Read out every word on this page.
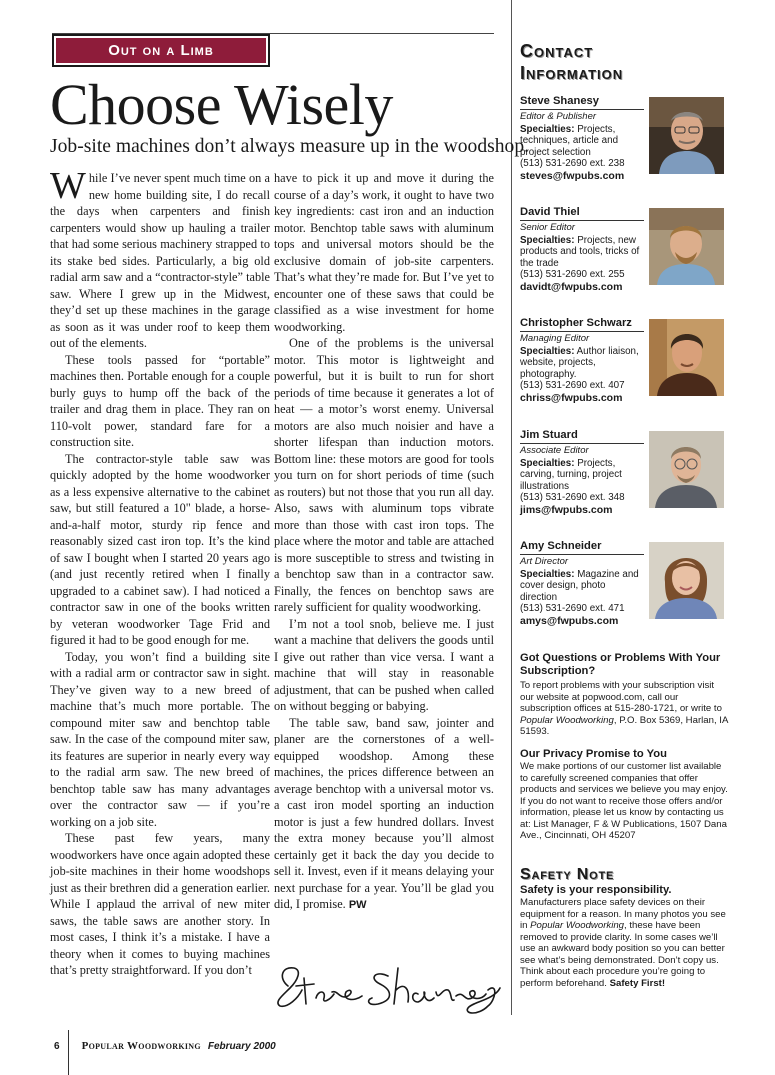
Out on a Limb
Choose Wisely
Job-site machines don’t always measure up in the woodshop.

While I’ve never spent much time on a new home building site, I do recall the days when carpenters and finish carpenters would show up hauling a trailer that had some serious machinery strapped to its stake bed sides. Particularly, a big old radial arm saw and a “contractor-style” table saw. Where I grew up in the Midwest, they’d set up these machines in the garage as soon as it was under roof to keep them out of the elements.

These tools passed for “portable” machines then. Portable enough for a couple burly guys to hump off the back of the trailer and drag them in place. They ran on 110-volt power, standard fare for a construction site.

The contractor-style table saw was quickly adopted by the home woodworker as a less expensive alternative to the cabinet saw, but still featured a 10" blade, a horse-and-a-half motor, sturdy rip fence and reasonably sized cast iron top. It’s the kind of saw I bought when I started 20 years ago (and just recently retired when I finally upgraded to a cabinet saw). I had noticed a contractor saw in one of the books written by veteran woodworker Tage Frid and figured it had to be good enough for me.

Today, you won’t find a building site with a radial arm or contractor saw in sight. They’ve given way to a new breed of machine that’s much more portable. The compound miter saw and benchtop table saw. In the case of the compound miter saw, its features are superior in nearly every way to the radial arm saw. The new breed of benchtop table saw has many advantages over the contractor saw — if you’re working on a job site.

These past few years, many woodworkers have once again adopted these job-site machines in their home woodshops just as their brethren did a generation earlier. While I applaud the arrival of new miter saws, the table saws are another story. In most cases, I think it’s a mistake. I have a theory when it comes to buying machines that’s pretty straightforward. If you don’t

have to pick it up and move it during the course of a day’s work, it ought to have two key ingredients: cast iron and an induction motor. Benchtop table saws with aluminum tops and universal motors should be the exclusive domain of job-site carpenters. That’s what they’re made for. But I’ve yet to encounter one of these saws that could be classified as a wise investment for home woodworking.

One of the problems is the universal motor. This motor is lightweight and powerful, but it is built to run for short periods of time because it generates a lot of heat — a motor’s worst enemy. Universal motors are also much noisier and have a shorter lifespan than induction motors. Bottom line: these motors are good for tools you turn on for short periods of time (such as routers) but not those that you run all day. Also, saws with aluminum tops vibrate more than those with cast iron tops. The place where the motor and table are attached is more susceptible to stress and twisting in a benchtop saw than in a contractor saw. Finally, the fences on benchtop saws are rarely sufficient for quality woodworking.

I’m not a tool snob, believe me. I just want a machine that delivers the goods until I give out rather than vice versa. I want a machine that will stay in reasonable adjustment, that can be pushed when called on without begging or babying.

The table saw, band saw, jointer and planer are the cornerstones of a well-equipped woodshop. Among these machines, the prices difference between an average benchtop with a universal motor vs. a cast iron model sporting an induction motor is just a few hundred dollars. Invest the extra money because you’ll almost certainly get it back the day you decide to sell it. Invest, even if it means delaying your next purchase for a year. You’ll be glad you did, I promise. PW

6 Popular Woodworking February 2000
Contact Information
Steve Shanesy
Editor & Publisher
Specialties: Projects, techniques, article and project selection
(513) 531-2690 ext. 238
steves@fwpubs.com
David Thiel
Senior Editor
Specialties: Projects, new products and tools, tricks of the trade
(513) 531-2690 ext. 255
davidt@fwpubs.com
Christopher Schwarz
Managing Editor
Specialties: Author liaison, website, projects, photography.
(513) 531-2690 ext. 407
chriss@fwpubs.com
Jim Stuard
Associate Editor
Specialties: Projects, carving, turning, project illustrations
(513) 531-2690 ext. 348
jims@fwpubs.com
Amy Schneider
Art Director
Specialties: Magazine and cover design, photo direction
(513) 531-2690 ext. 471
amys@fwpubs.com
Got Questions or Problems With Your Subscription?
To report problems with your subscription visit our website at popwood.com, call our subscription offices at 515-280-1721, or write to Popular Woodworking, P.O. Box 5369, Harlan, IA 51593.
Our Privacy Promise to You
We make portions of our customer list available to carefully screened companies that offer products and services we believe you may enjoy. If you do not want to receive those offers and/or information, please let us know by contacting us at: List Manager, F & W Publications, 1507 Dana Ave., Cincinnati, OH 45207
Safety Note
Safety is your responsibility.
Manufacturers place safety devices on their equipment for a reason. In many photos you see in Popular Woodworking, these have been removed to provide clarity. In some cases we’ll use an awkward body position so you can better see what’s being demonstrated. Don’t copy us. Think about each procedure you’re going to perform beforehand. Safety First!
